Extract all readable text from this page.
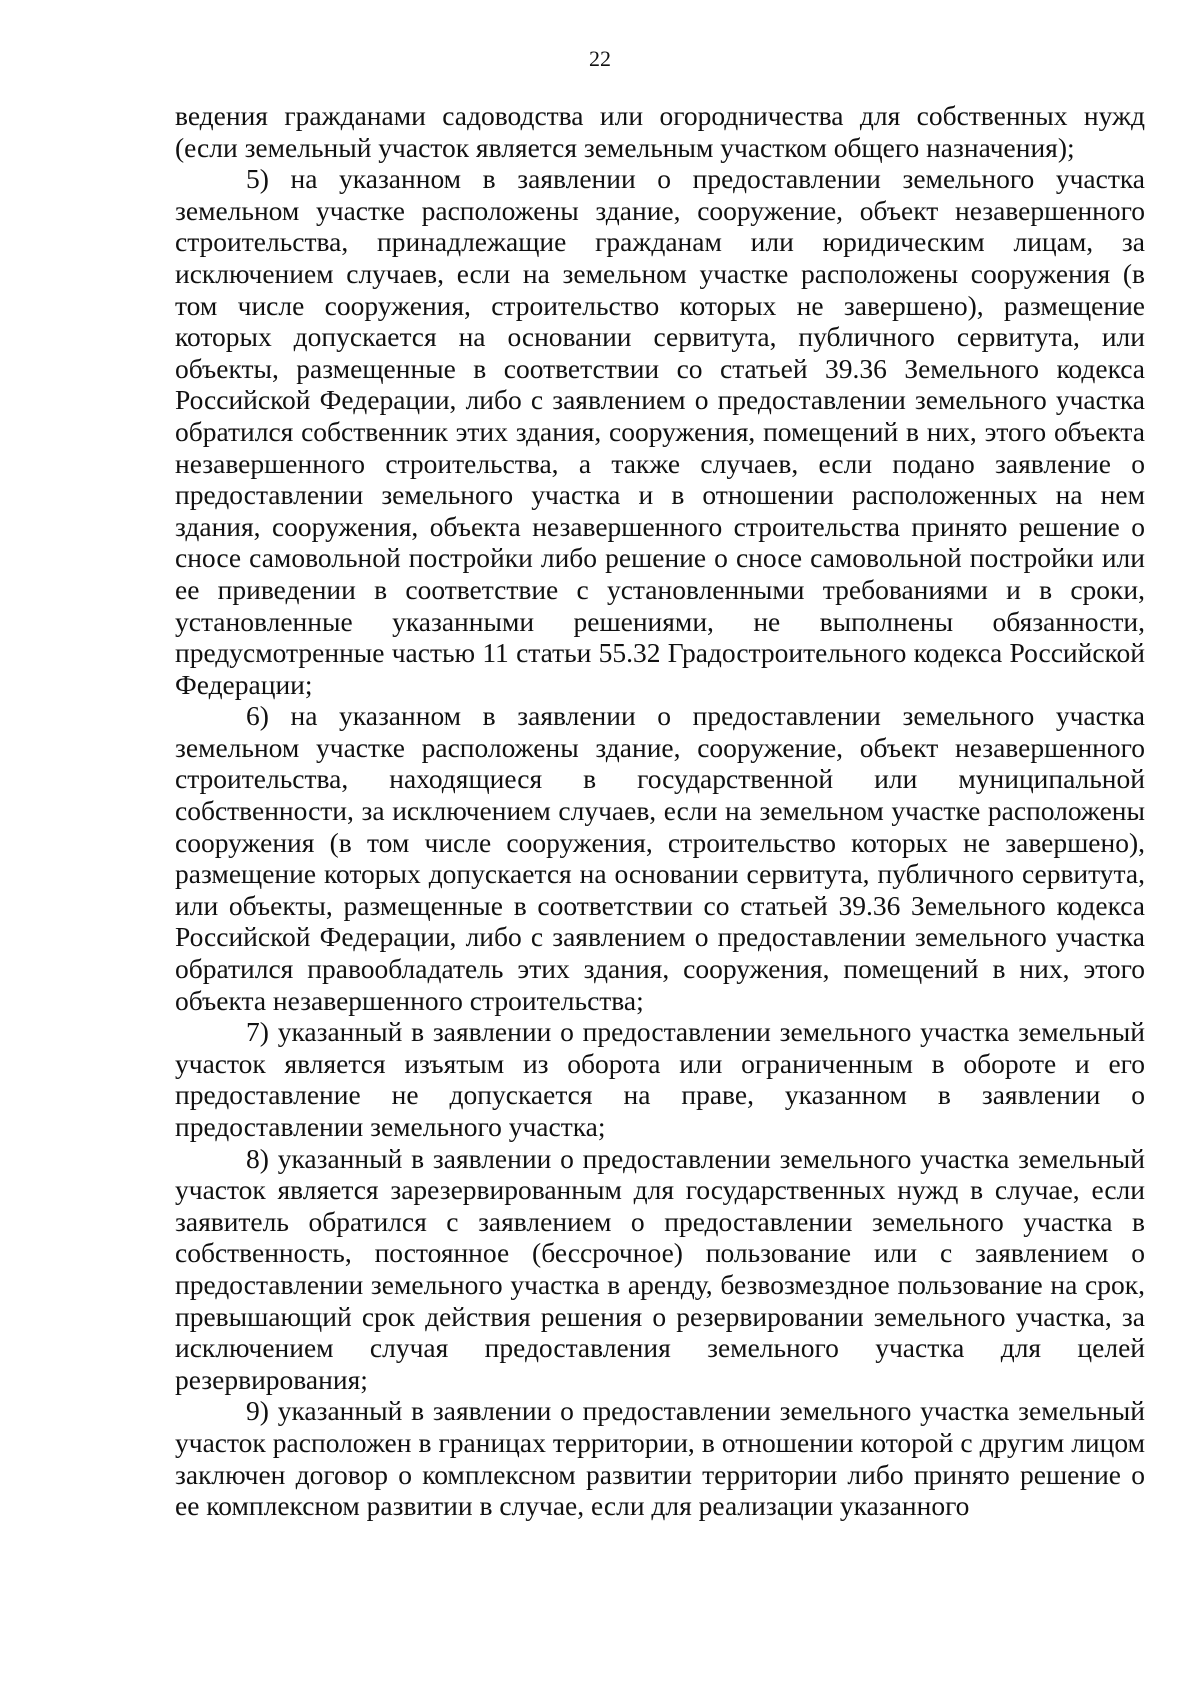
22

ведения гражданами садоводства или огородничества для собственных нужд (если земельный участок является земельным участком общего назначения);

5) на указанном в заявлении о предоставлении земельного участка земельном участке расположены здание, сооружение, объект незавершенного строительства, принадлежащие гражданам или юридическим лицам, за исключением случаев, если на земельном участке расположены сооружения (в том числе сооружения, строительство которых не завершено), размещение которых допускается на основании сервитута, публичного сервитута, или объекты, размещенные в соответствии со статьей 39.36 Земельного кодекса Российской Федерации, либо с заявлением о предоставлении земельного участка обратился собственник этих здания, сооружения, помещений в них, этого объекта незавершенного строительства, а также случаев, если подано заявление о предоставлении земельного участка и в отношении расположенных на нем здания, сооружения, объекта незавершенного строительства принято решение о сносе самовольной постройки либо решение о сносе самовольной постройки или ее приведении в соответствие с установленными требованиями и в сроки, установленные указанными решениями, не выполнены обязанности, предусмотренные частью 11 статьи 55.32 Градостроительного кодекса Российской Федерации;

6) на указанном в заявлении о предоставлении земельного участка земельном участке расположены здание, сооружение, объект незавершенного строительства, находящиеся в государственной или муниципальной собственности, за исключением случаев, если на земельном участке расположены сооружения (в том числе сооружения, строительство которых не завершено), размещение которых допускается на основании сервитута, публичного сервитута, или объекты, размещенные в соответствии со статьей 39.36 Земельного кодекса Российской Федерации, либо с заявлением о предоставлении земельного участка обратился правообладатель этих здания, сооружения, помещений в них, этого объекта незавершенного строительства;

7) указанный в заявлении о предоставлении земельного участка земельный участок является изъятым из оборота или ограниченным в обороте и его предоставление не допускается на праве, указанном в заявлении о предоставлении земельного участка;

8) указанный в заявлении о предоставлении земельного участка земельный участок является зарезервированным для государственных нужд в случае, если заявитель обратился с заявлением о предоставлении земельного участка в собственность, постоянное (бессрочное) пользование или с заявлением о предоставлении земельного участка в аренду, безвозмездное пользование на срок, превышающий срок действия решения о резервировании земельного участка, за исключением случая предоставления земельного участка для целей резервирования;

9) указанный в заявлении о предоставлении земельного участка земельный участок расположен в границах территории, в отношении которой с другим лицом заключен договор о комплексном развитии территории либо принято решение о ее комплексном развитии в случае, если для реализации указанного
